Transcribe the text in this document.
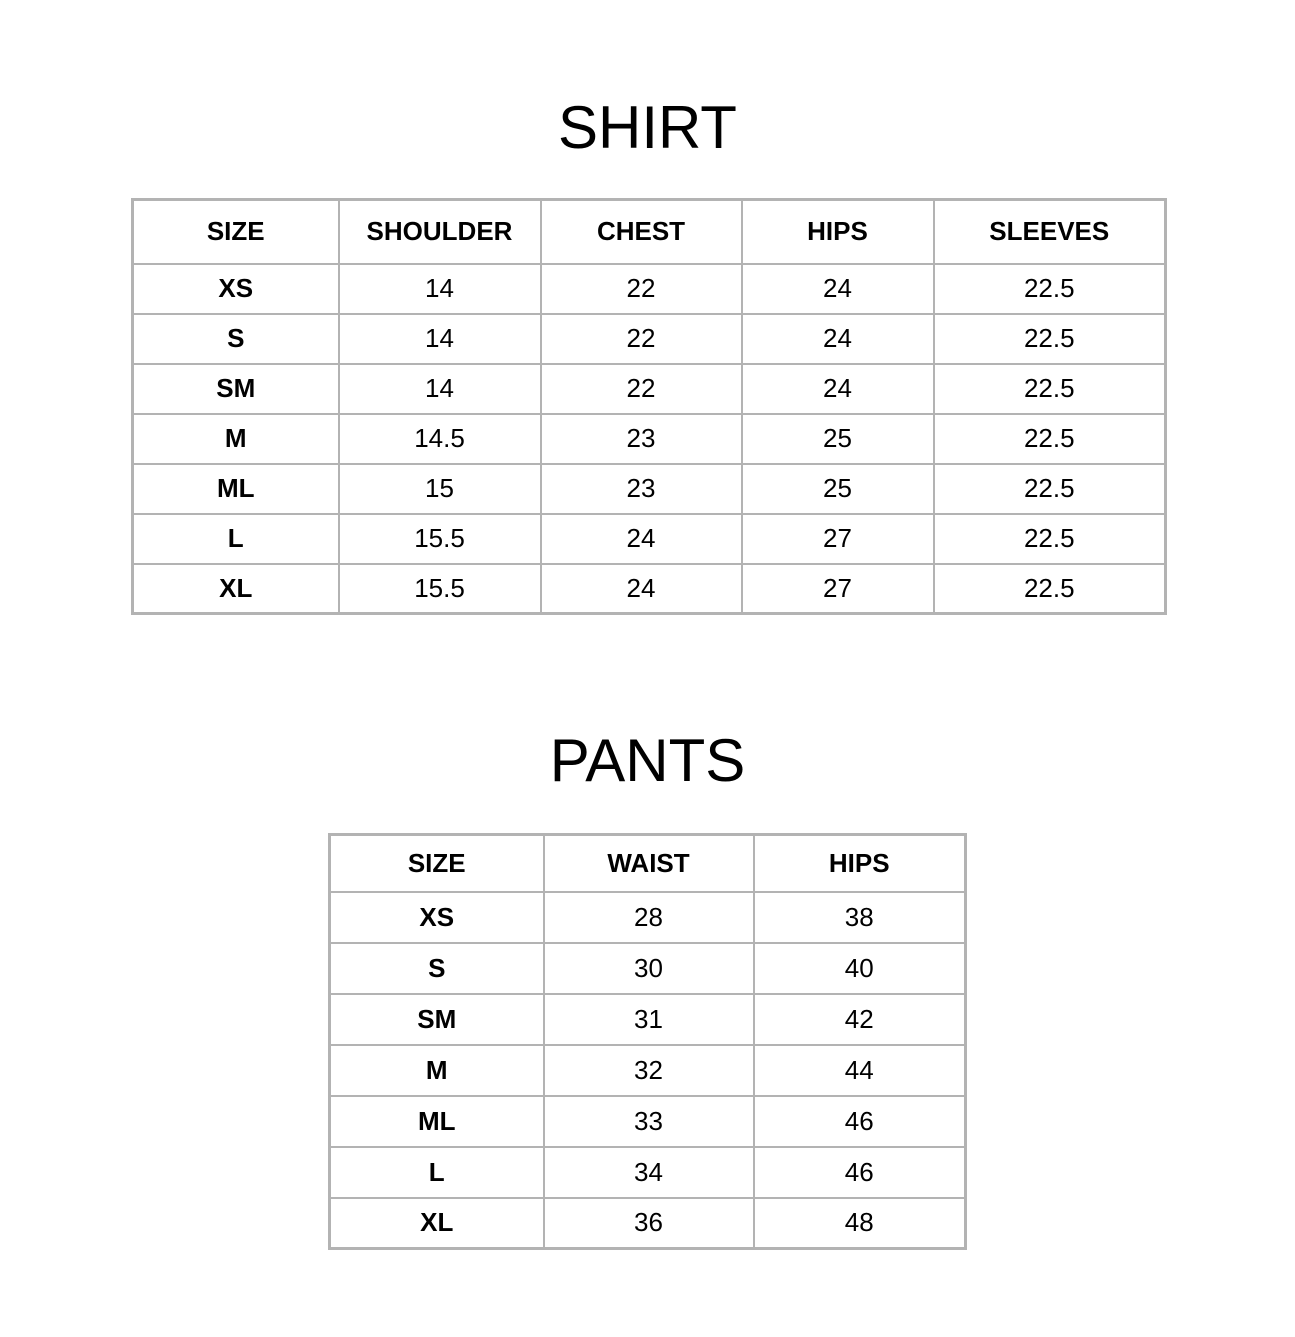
SHIRT
SIZE	SHOULDER	CHEST	HIPS	SLEEVES
XS	14	22	24	22.5
S	14	22	24	22.5
SM	14	22	24	22.5
M	14.5	23	25	22.5
ML	15	23	25	22.5
L	15.5	24	27	22.5
XL	15.5	24	27	22.5
PANTS
SIZE	WAIST	HIPS
XS	28	38
S	30	40
SM	31	42
M	32	44
ML	33	46
L	34	46
XL	36	48
